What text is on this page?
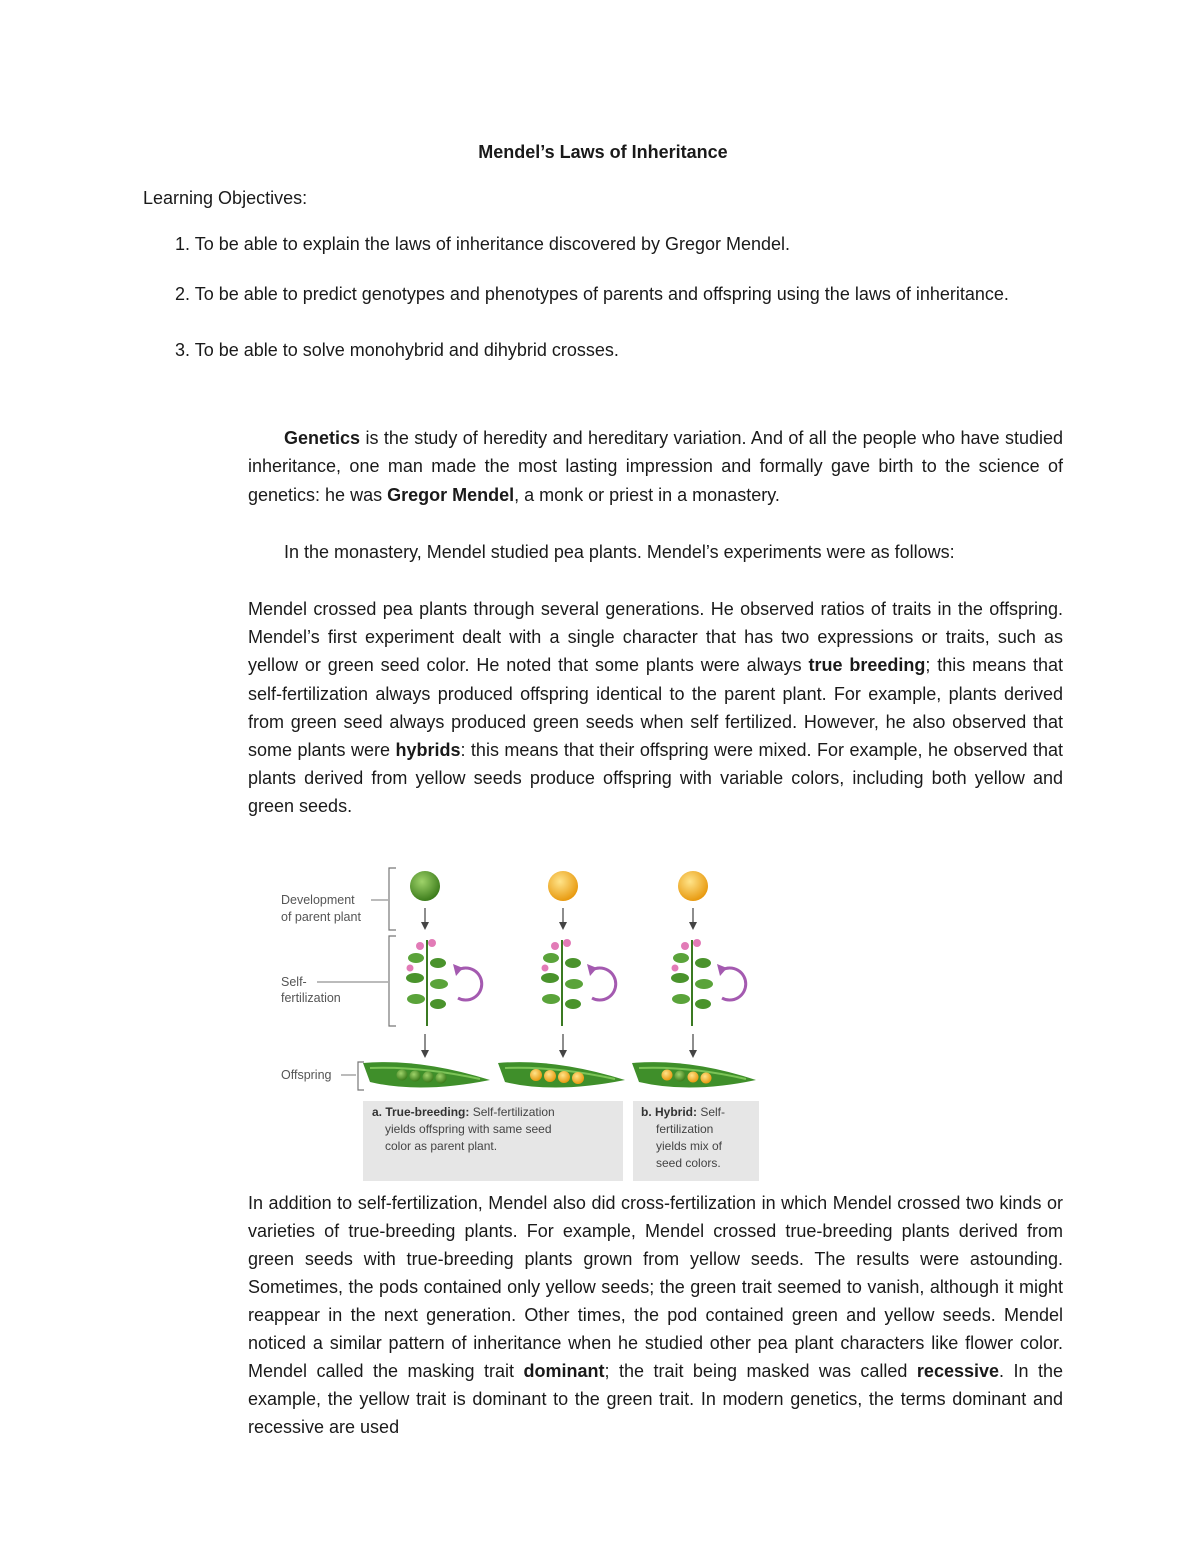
Mendel’s Laws of Inheritance
Learning Objectives:
1. To be able to explain the laws of inheritance discovered by Gregor Mendel.
2. To be able to predict genotypes and phenotypes of parents and offspring using the laws of inheritance.
3. To be able to solve monohybrid and dihybrid crosses.
Genetics is the study of heredity and hereditary variation. And of all the people who have studied inheritance, one man made the most lasting impression and formally gave birth to the science of genetics: he was Gregor Mendel, a monk or priest in a monastery.
In the monastery, Mendel studied pea plants. Mendel’s experiments were as follows:
Mendel crossed pea plants through several generations. He observed ratios of traits in the offspring. Mendel’s first experiment dealt with a single character that has two expressions or traits, such as yellow or green seed color. He noted that some plants were always true breeding; this means that self-fertilization always produced offspring identical to the parent plant. For example, plants derived from green seed always produced green seeds when self fertilized. However, he also observed that some plants were hybrids: this means that their offspring were mixed. For example, he observed that plants derived from yellow seeds produce offspring with variable colors, including both yellow and green seeds.
Development
of parent plant
Self-
fertilization
Offspring
a. True-breeding: Self-fertilization
yields offspring with same seed
color as parent plant.
b. Hybrid: Self-
fertilization
yields mix of
seed colors.
In addition to self-fertilization, Mendel also did cross-fertilization in which Mendel crossed two kinds or varieties of true-breeding plants. For example, Mendel crossed true-breeding plants derived from green seeds with true-breeding plants grown from yellow seeds. The results were astounding. Sometimes, the pods contained only yellow seeds; the green trait seemed to vanish, although it might reappear in the next generation. Other times, the pod contained green and yellow seeds. Mendel noticed a similar pattern of inheritance when he studied other pea plant characters like flower color. Mendel called the masking trait dominant; the trait being masked was called recessive. In the example, the yellow trait is dominant to the green trait. In modern genetics, the terms dominant and recessive are used
